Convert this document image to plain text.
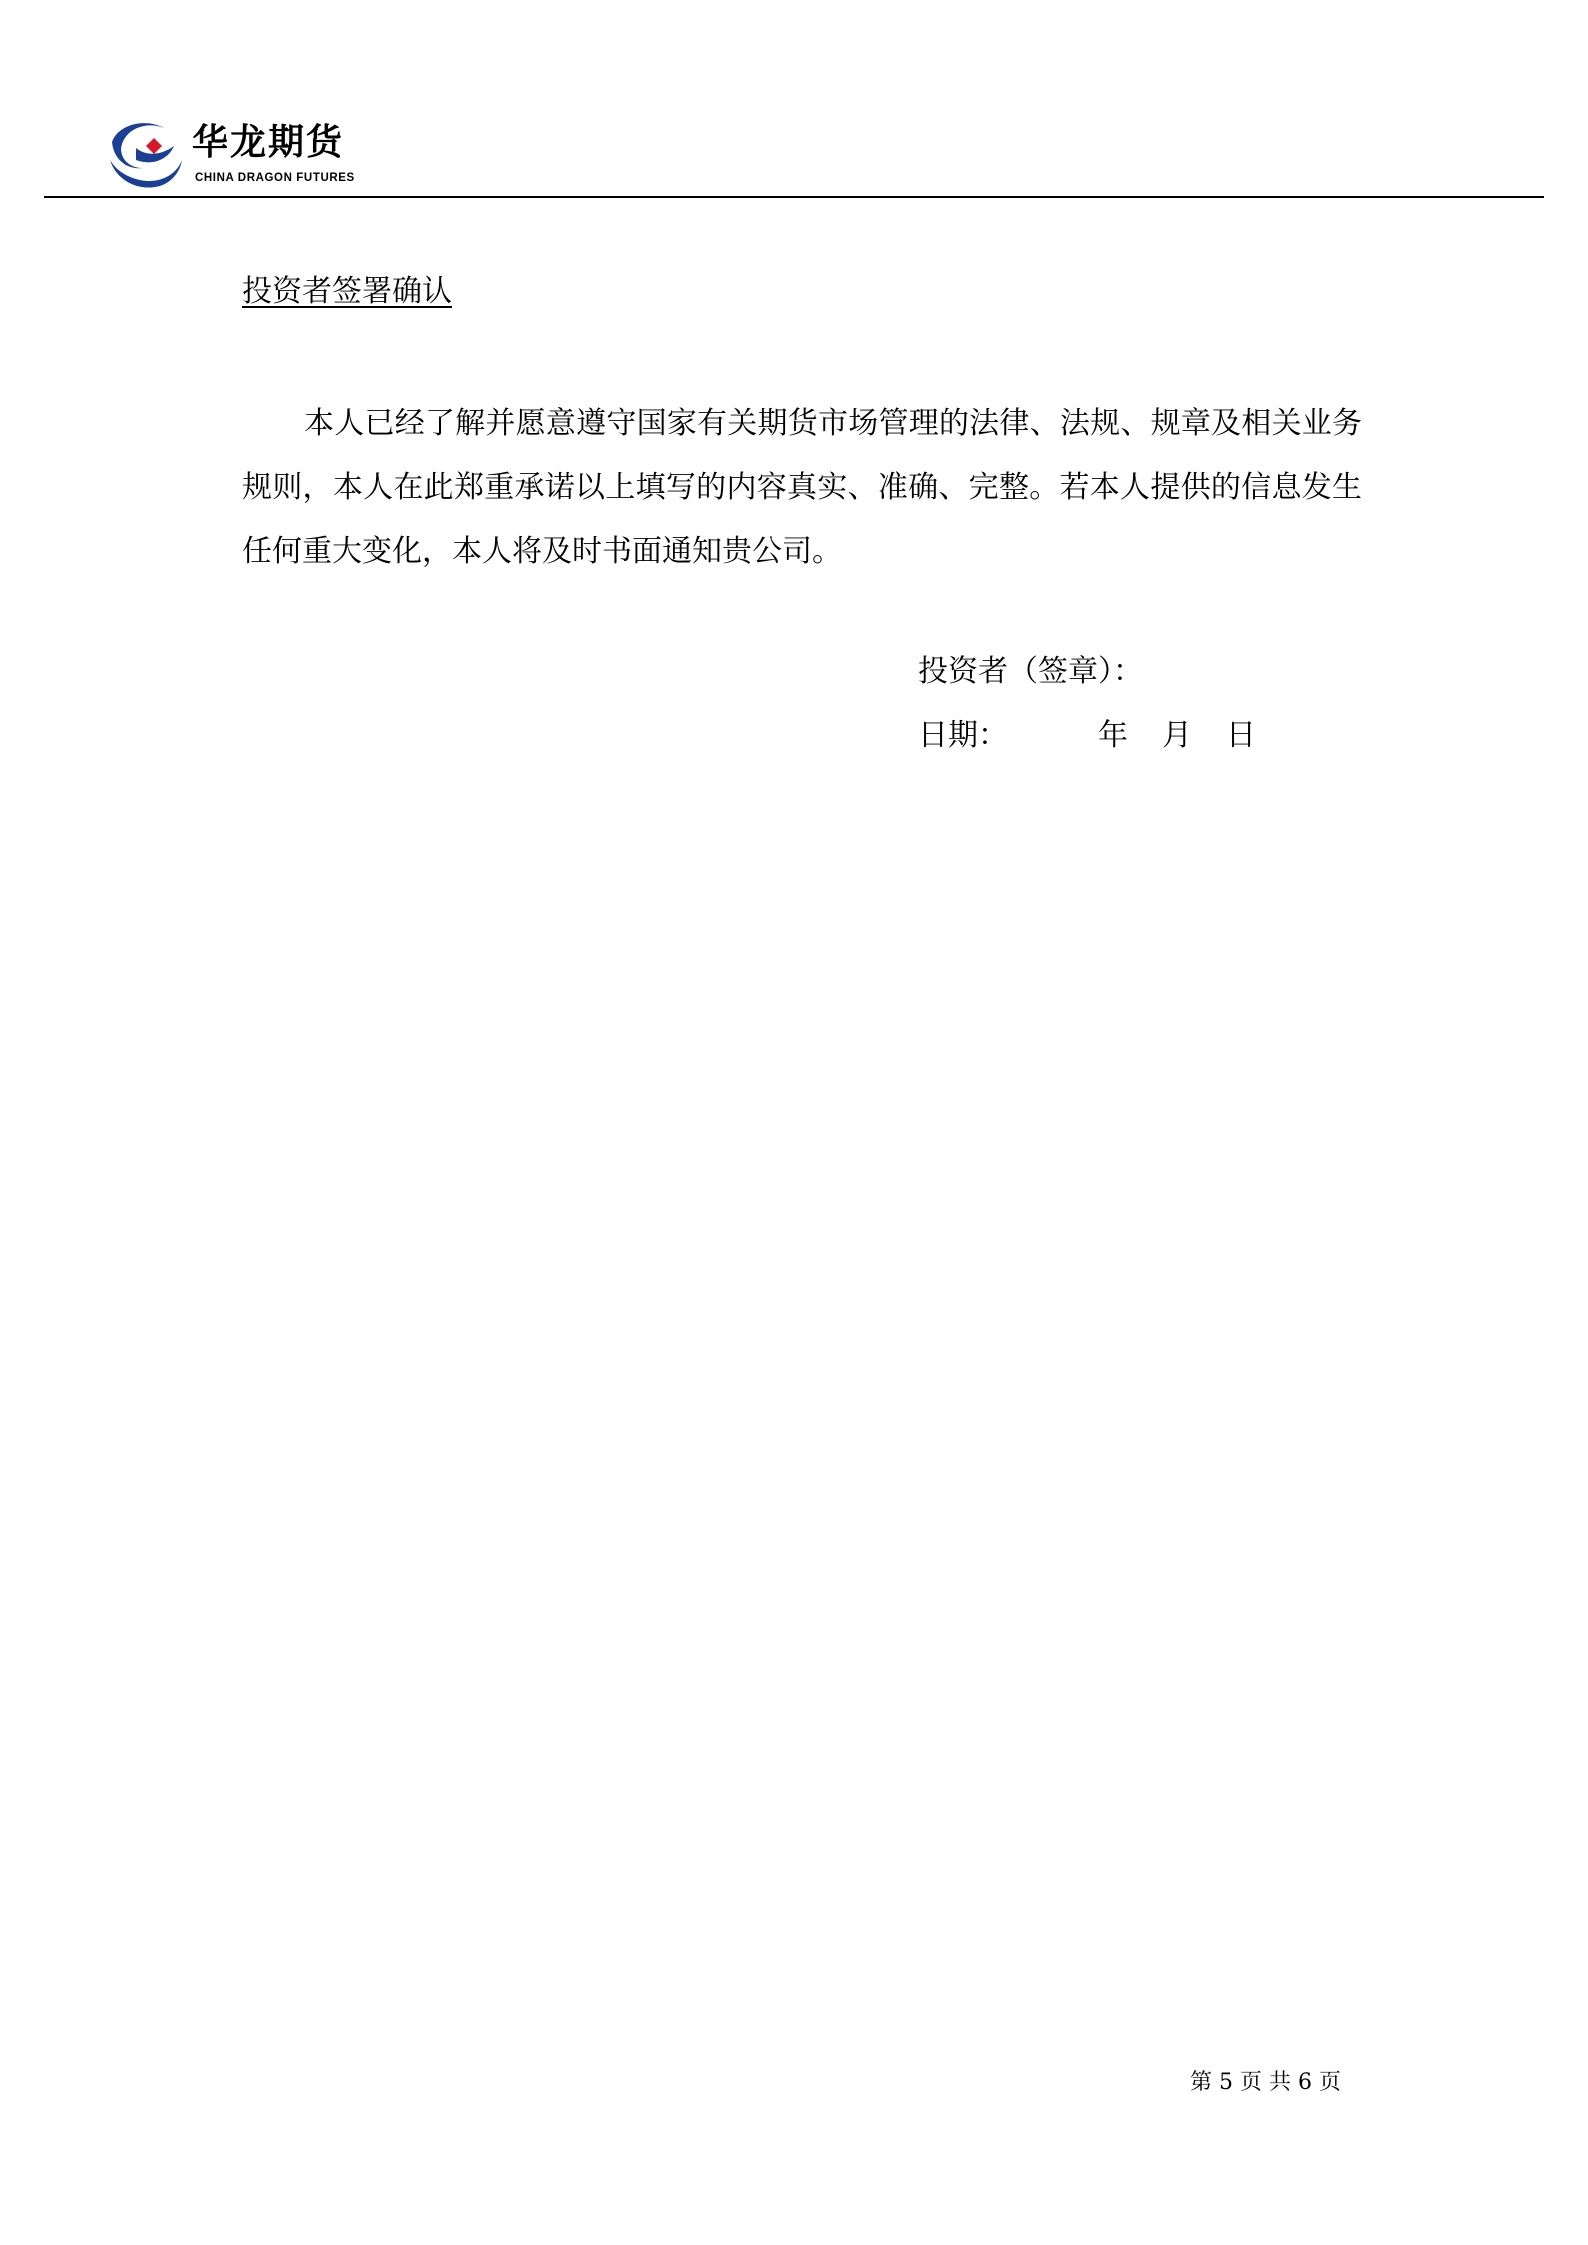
华龙期货
CHINA DRAGON FUTURES
投资者签署确认

本人已经了解并愿意遵守国家有关期货市场管理的法律、法规、规章及相关业务规则，本人在此郑重承诺以上填写的内容真实、准确、完整。若本人提供的信息发生任何重大变化，本人将及时书面通知贵公司。

投资者（签章）：
日期：	年 月 日
第 5 页 共 6 页
